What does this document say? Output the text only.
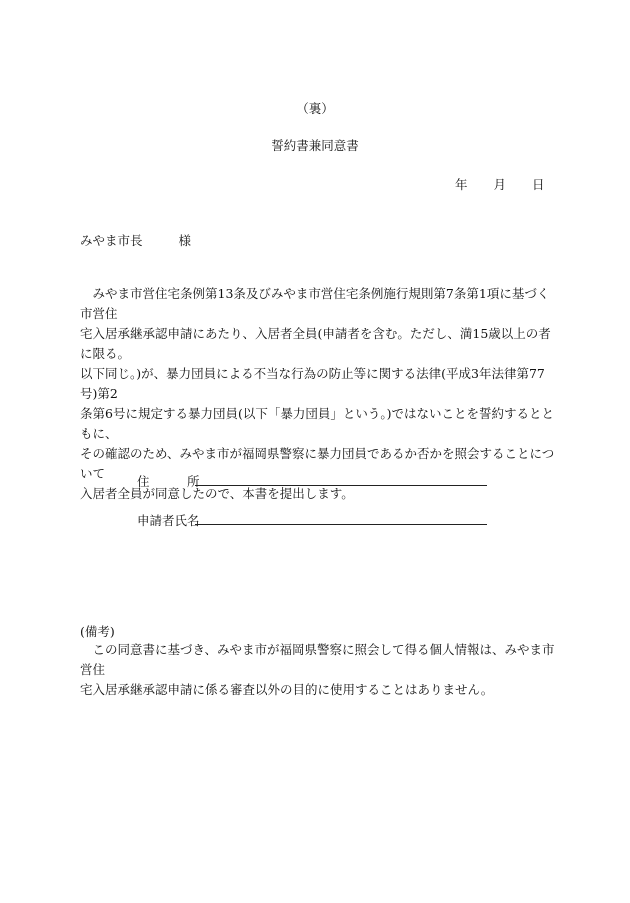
（裏）
誓約書兼同意書
年 月 日
みやま市長	様

　みやま市営住宅条例第13条及びみやま市営住宅条例施行規則第7条第1項に基づく市営住

宅入居承継承認申請にあたり、入居者全員(申請者を含む。ただし、満15歳以上の者に限る。

以下同じ。)が、暴力団員による不当な行為の防止等に関する法律(平成3年法律第77号)第2

条第6号に規定する暴力団員(以下「暴力団員」という。)ではないことを誓約するとともに、

その確認のため、みやま市が福岡県警察に暴力団員であるか否かを照会することについて

入居者全員が同意したので、本書を提出します。

住　　　所
申請者氏名
(備考)

　この同意書に基づき、みやま市が福岡県警察に照会して得る個人情報は、みやま市営住

宅入居承継承認申請に係る審査以外の目的に使用することはありません。
